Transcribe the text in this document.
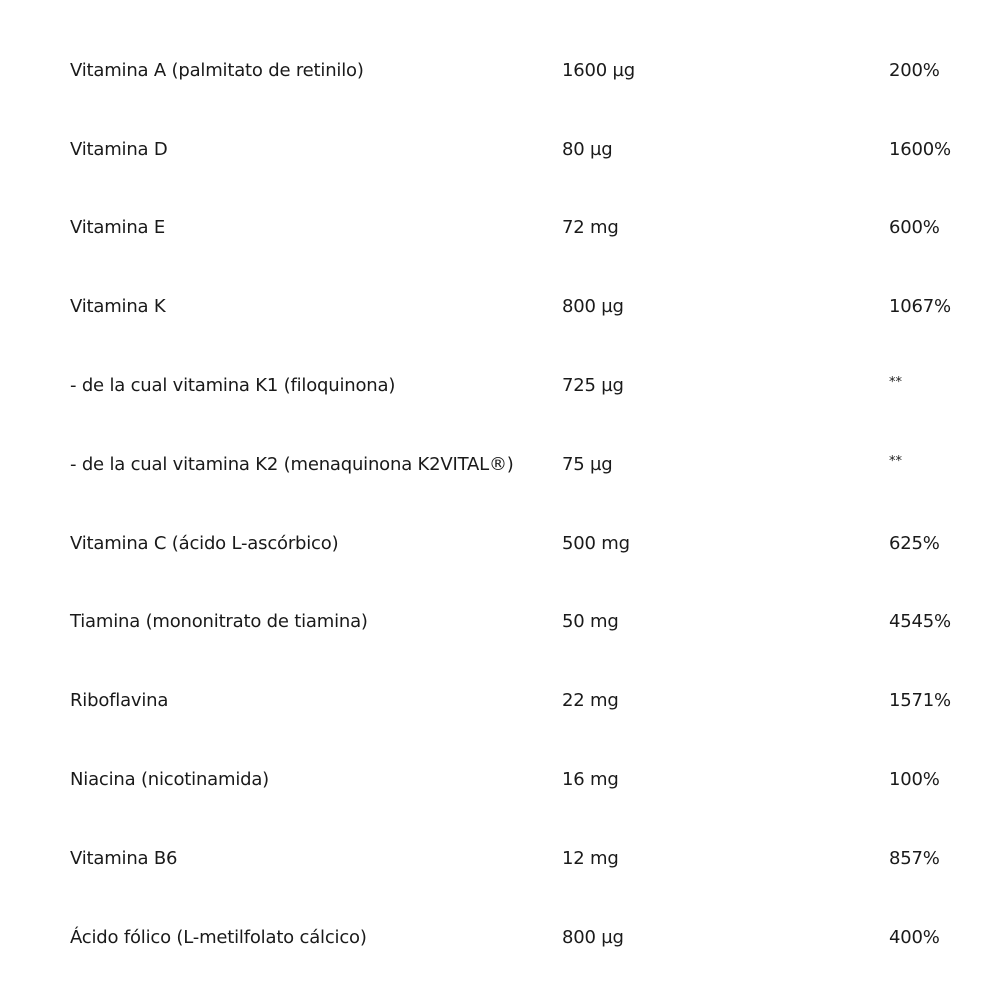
Vitamina A (palmitato de retinilo)	1600 µg	200%
Vitamina D	80 µg	1600%
Vitamina E	72 mg	600%
Vitamina K	800 µg	1067%
- de la cual vitamina K1 (filoquinona)	725 µg	**
- de la cual vitamina K2 (menaquinona K2VITAL®)	75 µg	**
Vitamina C (ácido L-ascórbico)	500 mg	625%
Tiamina (mononitrato de tiamina)	50 mg	4545%
Riboflavina	22 mg	1571%
Niacina (nicotinamida)	16 mg	100%
Vitamina B6	12 mg	857%
Ácido fólico (L-metilfolato cálcico)	800 µg	400%
